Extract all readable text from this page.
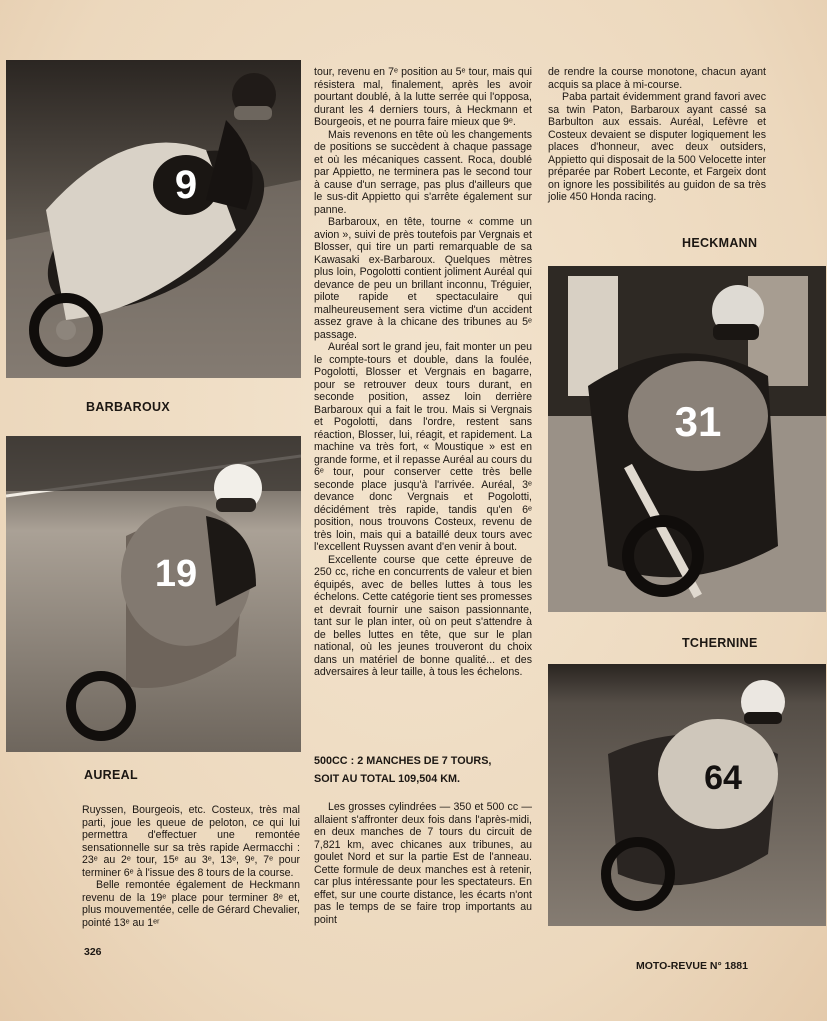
9
BARBAROUX
19
AUREAL

Ruyssen, Bourgeois, etc. Costeux, très mal parti, joue les queue de peloton, ce qui lui permettra d'effectuer une remontée sensationnelle sur sa très rapide Aermacchi : 23ᵉ au 2ᵉ tour, 15ᵉ au 3ᵉ, 13ᵉ, 9ᵉ, 7ᵉ pour terminer 6ᵉ à l'issue des 8 tours de la course.

Belle remontée également de Heckmann revenu de la 19ᵉ place pour terminer 8ᵉ et, plus mouvementée, celle de Gérard Chevalier, pointé 13ᵉ au 1ᵉʳ

tour, revenu en 7ᵉ position au 5ᵉ tour, mais qui résistera mal, finalement, après les avoir pourtant doublé, à la lutte serrée qui l'opposa, durant les 4 derniers tours, à Heckmann et Bourgeois, et ne pourra faire mieux que 9ᵉ.

Mais revenons en tête où les changements de positions se succèdent à chaque passage et où les mécaniques cassent. Roca, doublé par Appietto, ne terminera pas le second tour à cause d'un serrage, pas plus d'ailleurs que le sus-dit Appietto qui s'arrête également sur panne.

Barbaroux, en tête, tourne « comme un avion », suivi de près toutefois par Vergnais et Blosser, qui tire un parti remarquable de sa Kawasaki ex-Barbaroux. Quelques mètres plus loin, Pogolotti contient joliment Auréal qui devance de peu un brillant inconnu, Tréguier, pilote rapide et spectaculaire qui malheureusement sera victime d'un accident assez grave à la chicane des tribunes au 5ᵉ passage.

Auréal sort le grand jeu, fait monter un peu le compte-tours et double, dans la foulée, Pogolotti, Blosser et Vergnais en bagarre, pour se retrouver deux tours durant, en seconde position, assez loin derrière Barbaroux qui a fait le trou. Mais si Vergnais et Pogolotti, dans l'ordre, restent sans réaction, Blosser, lui, réagit, et rapidement. La machine va très fort, « Moustique » est en grande forme, et il repasse Auréal au cours du 6ᵉ tour, pour conserver cette très belle seconde place jusqu'à l'arrivée. Auréal, 3ᵉ devance donc Vergnais et Pogolotti, décidément très rapide, tandis qu'en 6ᵉ position, nous trouvons Costeux, revenu de très loin, mais qui a bataillé deux tours avec l'excellent Ruyssen avant d'en venir à bout.

Excellente course que cette épreuve de 250 cc, riche en concurrents de valeur et bien équipés, avec de belles luttes à tous les échelons. Cette catégorie tient ses promesses et devrait fournir une saison passionnante, tant sur le plan inter, où on peut s'attendre à de belles luttes en tête, que sur le plan national, où les jeunes trouveront du choix dans un matériel de bonne qualité... et des adversaires à leur taille, à tous les échelons.

500CC : 2 MANCHES DE 7 TOURS,
SOIT AU TOTAL 109,504 KM.

Les grosses cylindrées — 350 et 500 cc — allaient s'affronter deux fois dans l'après-midi, en deux manches de 7 tours du circuit de 7,821 km, avec chicanes aux tribunes, au goulet Nord et sur la partie Est de l'anneau. Cette formule de deux manches est à retenir, car plus intéressante pour les spectateurs. En effet, sur une courte distance, les écarts n'ont pas le temps de se faire trop importants au point

de rendre la course monotone, chacun ayant acquis sa place à mi-course.

Paba partait évidemment grand favori avec sa twin Paton, Barbaroux ayant cassé sa Barbulton aux essais. Auréal, Lefèvre et Costeux devaient se disputer logiquement les places d'honneur, avec deux outsiders, Appietto qui disposait de la 500 Velocette inter préparée par Robert Leconte, et Fargeix dont on ignore les possibilités au guidon de sa très jolie 450 Honda racing.

HECKMANN
31
TCHERNINE
64
326
MOTO-REVUE N° 1881
